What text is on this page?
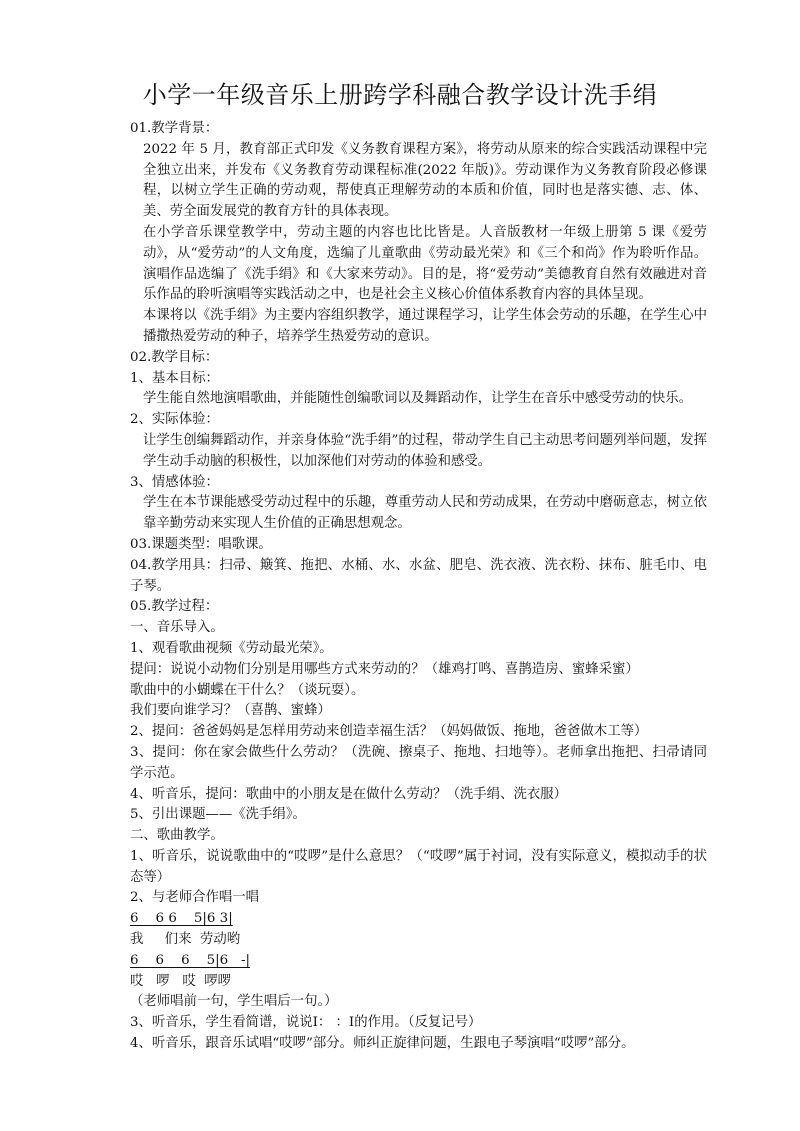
小学一年级音乐上册跨学科融合教学设计洗手绢

01.教学背景：

2022 年 5 月，教育部正式印发《义务教育课程方案》，将劳动从原来的综合实践活动课程中完全独立出来，并发布《义务教育劳动课程标准(2022 年版)》。劳动课作为义务教育阶段必修课程，以树立学生正确的劳动观，帮使真正理解劳动的本质和价值，同时也是落实德、志、体、美、劳全面发展党的教育方针的具体表现。

在小学音乐课堂教学中，劳动主题的内容也比比皆是。人音版教材一年级上册第 5 课《爱劳动》，从“爱劳动”的人文角度，选编了儿童歌曲《劳动最光荣》和《三个和尚》作为聆听作品。演唱作品选编了《洗手绢》和《大家来劳动》。目的是，将“爱劳动”美德教育自然有效融进对音乐作品的聆听演唱等实践活动之中，也是社会主义核心价值体系教育内容的具体呈现。

本课将以《洗手绢》为主要内容组织教学，通过课程学习，让学生体会劳动的乐趣，在学生心中播撒热爱劳动的种子，培养学生热爱劳动的意识。

02.教学目标：

1、基本目标：

学生能自然地演唱歌曲，并能随性创编歌词以及舞蹈动作，让学生在音乐中感受劳动的快乐。

2、实际体验：

让学生创编舞蹈动作，并亲身体验“洗手绢”的过程，带动学生自己主动思考问题列举问题，发挥学生动手动脑的积极性，以加深他们对劳动的体验和感受。

3、情感体验：

学生在本节课能感受劳动过程中的乐趣，尊重劳动人民和劳动成果，在劳动中磨砺意志，树立依靠辛勤劳动来实现人生价值的正确思想观念。

03.课题类型：唱歌课。

04.教学用具：扫帚、簸箕、拖把、水桶、水、水盆、肥皂、洗衣液、洗衣粉、抹布、脏毛巾、电子琴。

05.教学过程：

一、音乐导入。

1、观看歌曲视频《劳动最光荣》。

提问：说说小动物们分别是用哪些方式来劳动的？（雄鸡打鸣、喜鹊造房、蜜蜂采蜜）

歌曲中的小蝴蝶在干什么？（谈玩耍）。

我们要向谁学习？（喜鹊、蜜蜂）

2、提问：爸爸妈妈是怎样用劳动来创造幸福生活？（妈妈做饭、拖地，爸爸做木工等）

3、提问：你在家会做些什么劳动？（洗碗、擦桌子、拖地、扫地等）。老师拿出拖把、扫帚请同学示范。

4、听音乐，提问：歌曲中的小朋友是在做什么劳动？（洗手绢、洗衣服）

5、引出课题——《洗手绢》。

二、歌曲教学。

1、听音乐，说说歌曲中的“哎啰”是什么意思？（“哎啰”属于衬词，没有实际意义，模拟动手的状态等）

2、与老师合作唱一唱

6    6 6    5|6 3|

我     们来  劳动哟

6    6    6    5|6   -|

哎   啰   哎  啰啰

（老师唱前一句，学生唱后一句。）

3、听音乐，学生看简谱，说说I： ：I的作用。（反复记号）

4、听音乐，跟音乐试唱“哎啰”部分。师纠正旋律问题，生跟电子琴演唱“哎啰”部分。
